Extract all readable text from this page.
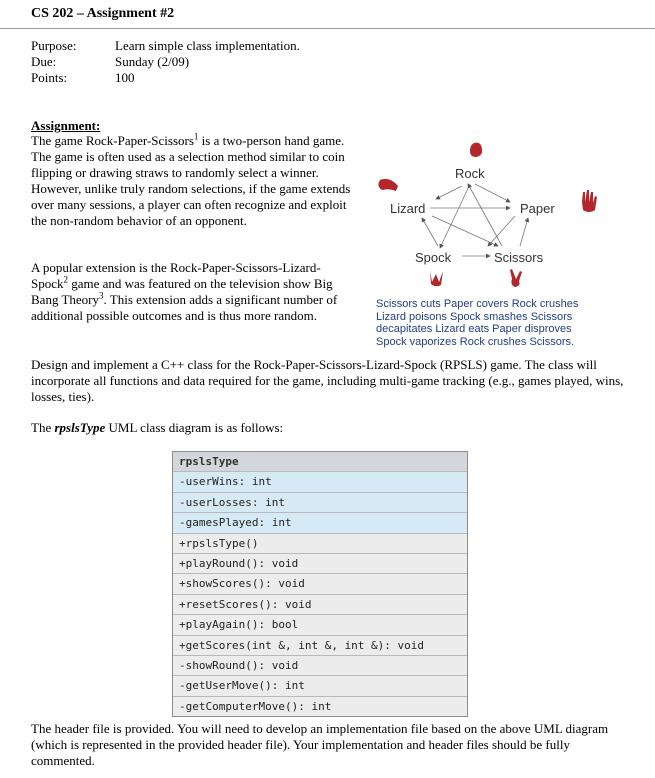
CS 202 – Assignment #2
Purpose:	Learn simple class implementation.
Due:	Sunday (2/09)
Points:	100
Assignment:
The game Rock-Paper-Scissors$^1$ is a two-person hand game. The game is often used as a selection method similar to coin flipping or drawing straws to randomly select a winner. However, unlike truly random selections, if the game extends over many sessions, a player can often recognize and exploit the non-random behavior of an opponent.
A popular extension is the Rock-Paper-Scissors-Lizard-Spock$^2$ game and was featured on the television show Big Bang Theory$^3$. This extension adds a significant number of additional possible outcomes and is thus more random.
Rock
Lizard	Paper
Spock	Scissors
Scissors cuts Paper covers Rock crushes
Lizard poisons Spock smashes Scissors
decapitates Lizard eats Paper disproves
Spock vaporizes Rock crushes Scissors.
Design and implement a C++ class for the Rock-Paper-Scissors-Lizard-Spock (RPSLS) game. The class will incorporate all functions and data required for the game, including multi-game tracking (e.g., games played, wins, losses, ties).
The rpslsType UML class diagram is as follows:
rpslsType
-userWins: int
-userLosses: int
-gamesPlayed: int
+rpslsType()
+playRound(): void
+showScores(): void
+resetScores(): void
+playAgain(): bool
+getScores(int &, int &, int &): void
-showRound(): void
-getUserMove(): int
-getComputerMove(): int
The header file is provided. You will need to develop an implementation file based on the above UML diagram (which is represented in the provided header file). Your implementation and header files should be fully commented.
